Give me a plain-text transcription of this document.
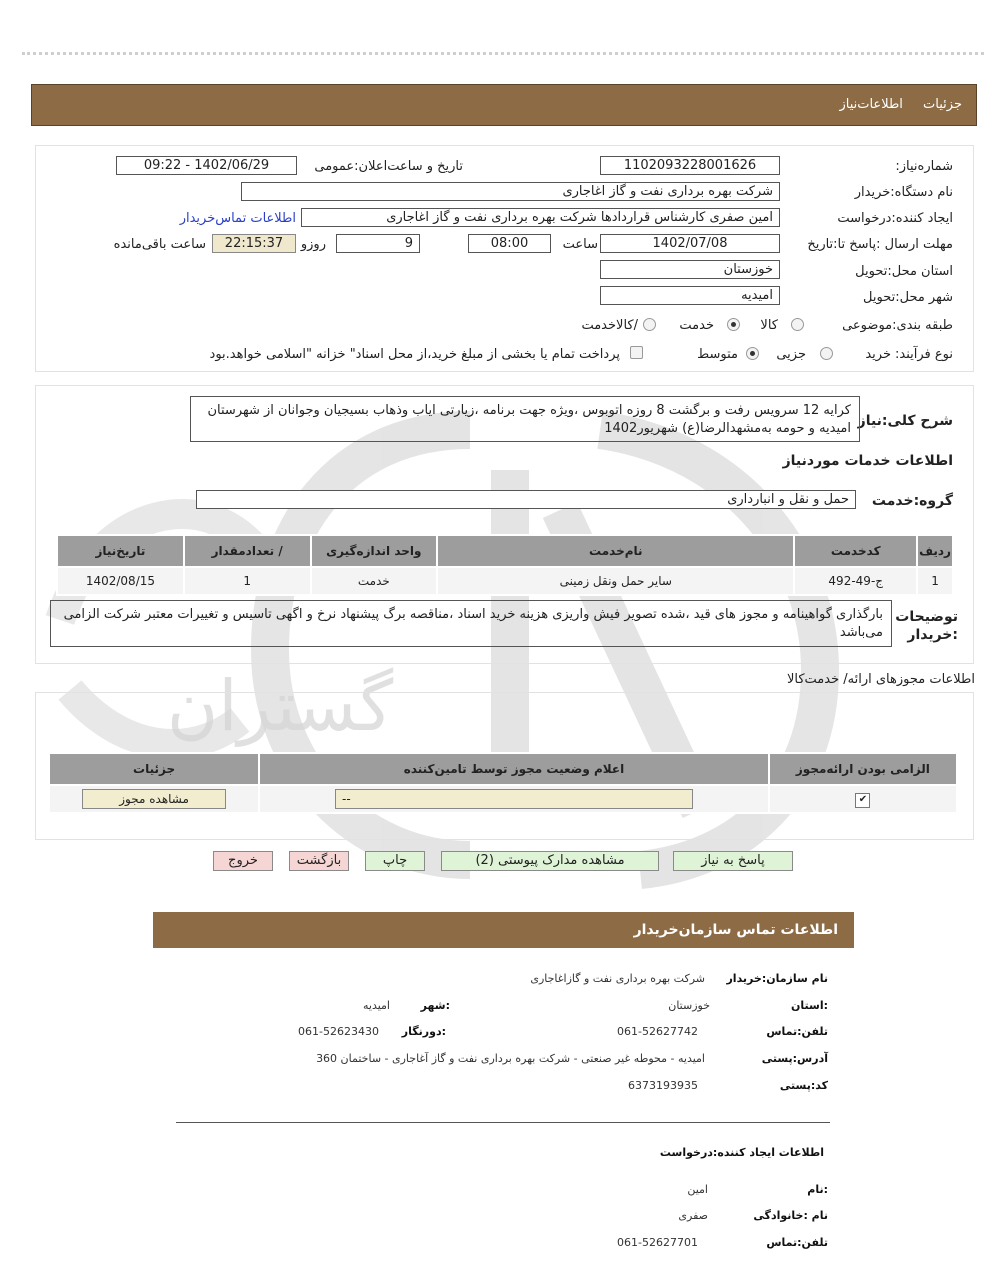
جزئیات اطلاعات‌نیاز
گستران
شماره‌نیاز:
1102093228001626
تاریخ و ساعت‌اعلان‌:عمومی
1402/06/29 - 09:22
نام دستگاه:خریدار
شرکت بهره برداری نفت و گاز اغاجاری
ایجاد کننده:درخواست
امین صفری کارشناس قراردادها شرکت بهره برداری نفت و گاز اغاجاری
اطلاعات تماس‌خریدار
مهلت ارسال :پاسخ تا:تاریخ
1402/07/08
ساعت
08:00
9
روزو
22:15:37
ساعت باقی‌مانده
استان محل:تحویل
خوزستان
شهر محل:تحویل
امیدیه
طبقه بندی:موضوعی
کالا
خدمت
/کالاخدمت
نوع فرآیند:
خرید
جزیی
متوسط
پرداخت تمام یا بخشی از مبلغ خرید،از محل اسناد" خزانه "اسلامی خواهد.بود
شرح کلی:نیاز
کرایه 12 سرویس رفت و برگشت 8 روزه اتوبوس ،ویژه جهت برنامه ،زیارتی ایاب وذهاب بسیجیان وجوانان از شهرستان امیدیه و حومه به‌مشهدالرضا(ع) شهریور1402
اطلاعات خدمات موردنیاز
گروه:خدمت
حمل و نقل و انبارداری
ردیف	کدخدمت	نام‌خدمت	واحد اندازه‌گیری	/ تعدادمقدار	تاریخ‌نیاز
1	ج-49-492	سایر حمل ونقل زمینی	خدمت	1	1402/08/15
توضیحات :خریدار
بارگذاری گواهینامه و مجوز های قید ،شده تصویر فیش واریزی هزینه خرید اسناد ،مناقصه برگ پیشنهاد نرخ و اگهی تاسیس و تغییرات معتبر شرکت الزامی می‌باشد
اطلاعات مجوزهای ارائه/ خدمت‌کالا
الزامی بودن ارائه‌مجوز	اعلام وضعیت مجوز توسط تامین‌کننده	جزئیات
✔	--	مشاهده مجوز
پاسخ به نیاز
مشاهده مدارک پیوستی (2)
چاپ
بازگشت
خروج
اطلاعات تماس سازمان‌خریدار
نام سازمان:خریدار
شرکت بهره برداری نفت و گازاغاجاری
:استان
خوزستان
:شهر
امیدیه
تلفن:تماس
061-52627742
:دورنگار
061-52623430
آدرس:پستی
امیدیه - محوطه غیر صنعتی - شرکت بهره برداری نفت و گاز آغاجاری - ساختمان 360
کد:پستی
6373193935
اطلاعات ایجاد کننده:درخواست
:نام
امین
نام :خانوادگی
صفری
تلفن:تماس
061-52627701
